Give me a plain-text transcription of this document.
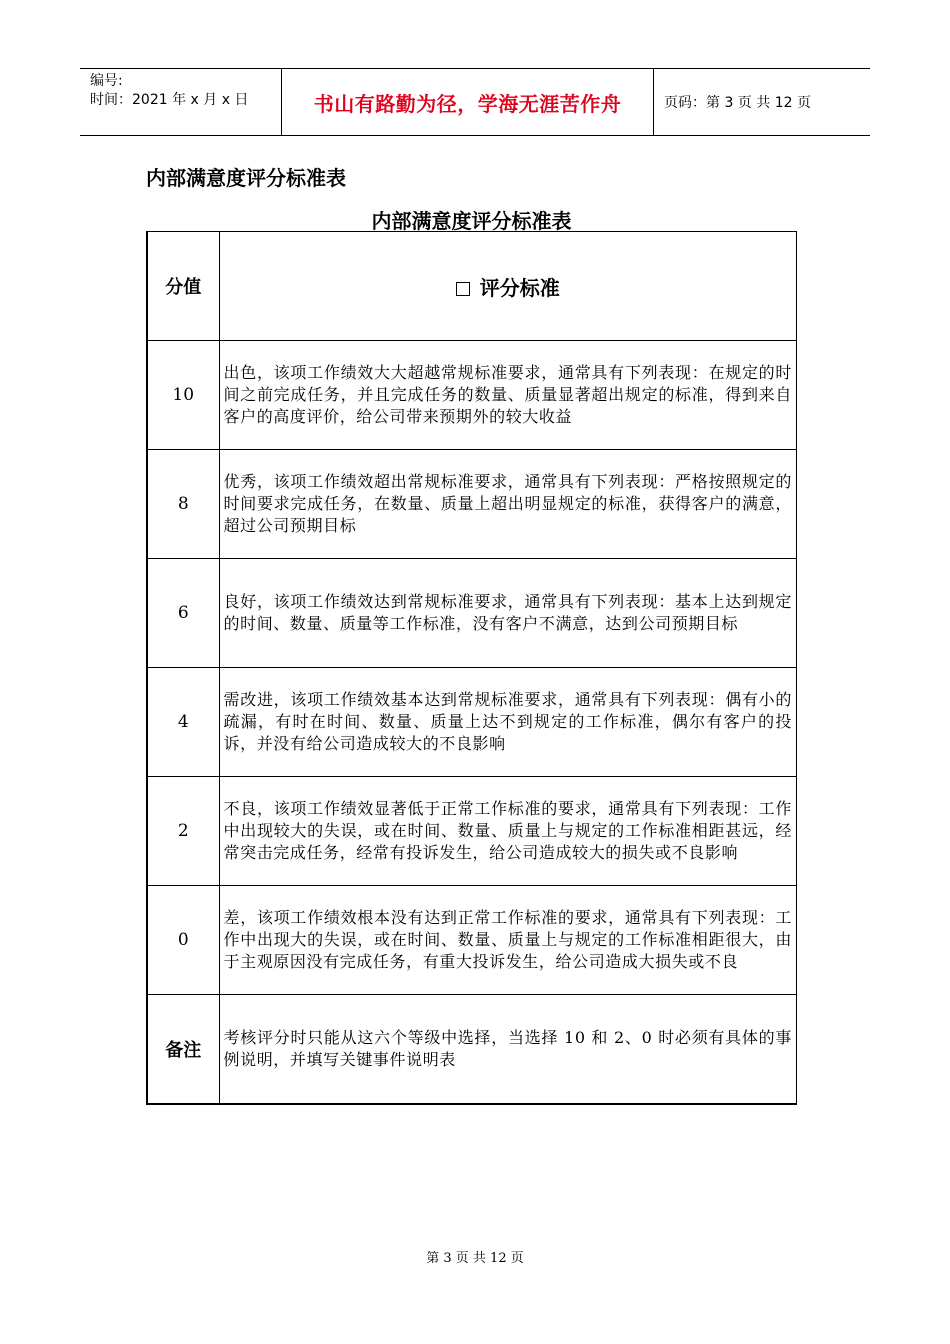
编号:
时间：2021 年 x 月 x 日	书山有路勤为径，学海无涯苦作舟	页码：第 3 页 共 12 页
内部满意度评分标准表
内部满意度评分标准表
分值	评分标准
10	出色，该项工作绩效大大超越常规标准要求，通常具有下列表现：在规定的时间之前完成任务，并且完成任务的数量、质量显著超出规定的标准，得到来自客户的高度评价，给公司带来预期外的较大收益
8	优秀，该项工作绩效超出常规标准要求，通常具有下列表现：严格按照规定的时间要求完成任务，在数量、质量上超出明显规定的标准，获得客户的满意，超过公司预期目标
6	良好，该项工作绩效达到常规标准要求，通常具有下列表现：基本上达到规定的时间、数量、质量等工作标准，没有客户不满意，达到公司预期目标
4	需改进，该项工作绩效基本达到常规标准要求，通常具有下列表现：偶有小的疏漏，有时在时间、数量、质量上达不到规定的工作标准，偶尔有客户的投诉，并没有给公司造成较大的不良影响
2	不良，该项工作绩效显著低于正常工作标准的要求，通常具有下列表现：工作中出现较大的失误，或在时间、数量、质量上与规定的工作标准相距甚远，经常突击完成任务，经常有投诉发生，给公司造成较大的损失或不良影响
0	差，该项工作绩效根本没有达到正常工作标准的要求，通常具有下列表现：工作中出现大的失误，或在时间、数量、质量上与规定的工作标准相距很大，由于主观原因没有完成任务，有重大投诉发生，给公司造成大损失或不良
备注	考核评分时只能从这六个等级中选择，当选择 10 和 2、0 时必须有具体的事例说明，并填写关键事件说明表
第 3 页 共 12 页
